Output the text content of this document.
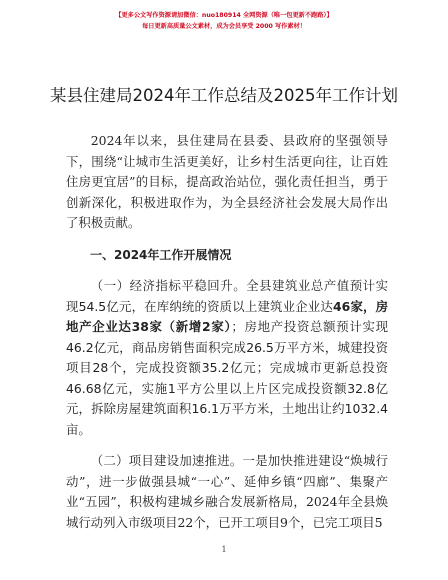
【更多公文写作资源请加微信：nuo180914 全网资源（唯一包更新不跑路）】
每日更新高质量公文素材，成为会员享受 2000 写作素材！
某县住建局2024年工作总结及2025年工作计划

2024年以来，县住建局在县委、县政府的坚强领导下，围绕“让城市生活更美好，让乡村生活更向往，让百姓住房更宜居”的目标，提高政治站位，强化责任担当，勇于创新深化，积极进取作为，为全县经济社会发展大局作出了积极贡献。

一、2024年工作开展情况

（一）经济指标平稳回升。全县建筑业总产值预计实现54.5亿元，在库纳统的资质以上建筑业企业达46家，房地产企业达38家（新增2家）；房地产投资总额预计实现46.2亿元，商品房销售面积完成26.5万平方米，城建投资项目28个，完成投资额35.2亿元；完成城市更新总投资46.68亿元，实施1平方公里以上片区完成投资额32.8亿元，拆除房屋建筑面积16.1万平方米，土地出让约1032.4亩。

（二）项目建设加速推进。一是加快推进建设“焕城行动”，进一步做强县城“一心”、延伸乡镇“四廊”、集聚产业“五园”，积极构建城乡融合发展新格局，2024年全县焕城行动列入市级项目22个，已开工项目9个，已完工项目5

1
